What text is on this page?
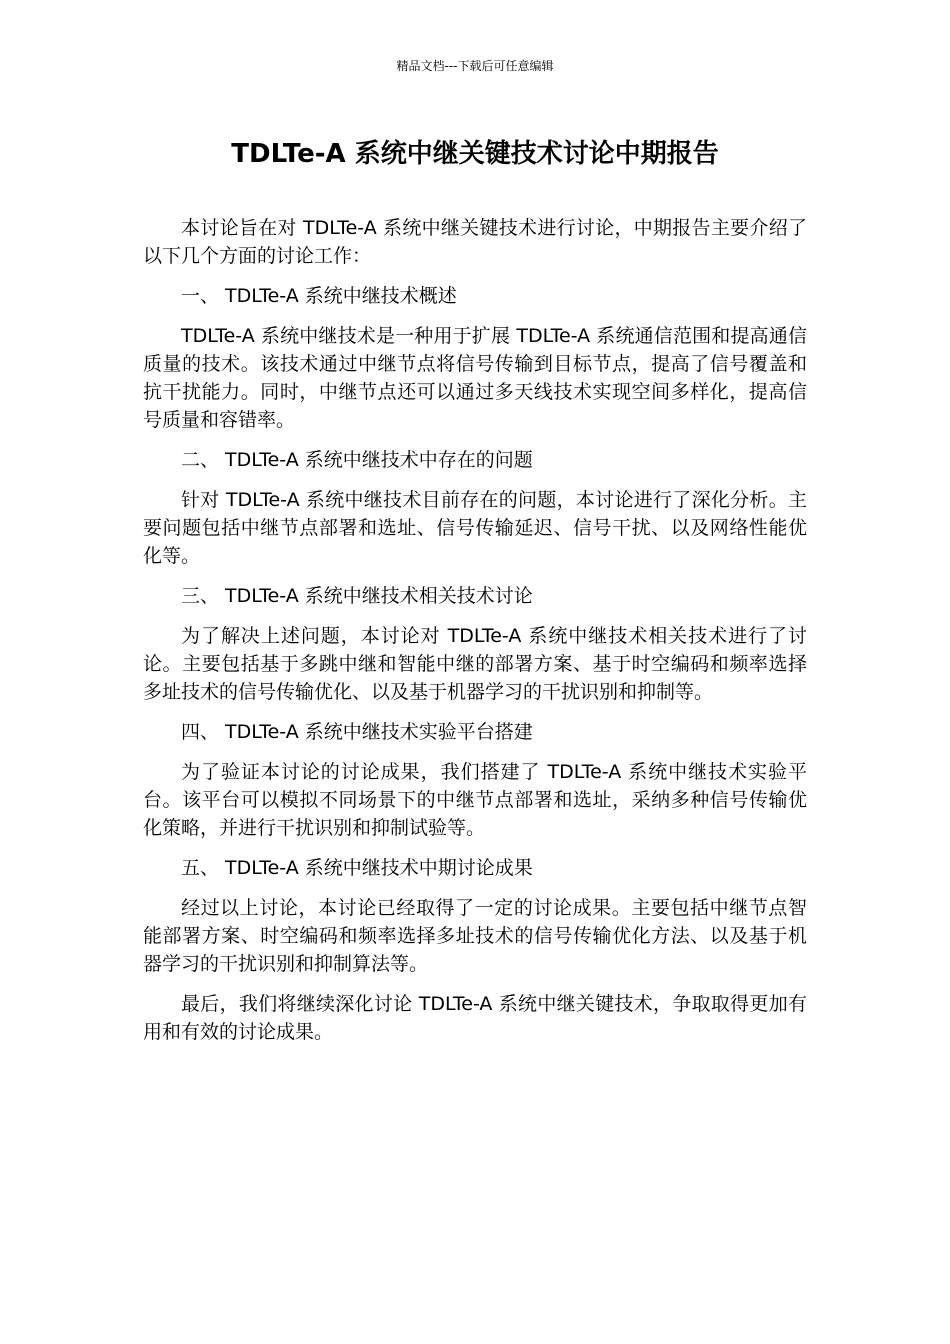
精品文档---下载后可任意编辑
TDLTe-A 系统中继关键技术讨论中期报告

本讨论旨在对 TDLTe-A 系统中继关键技术进行讨论，中期报告主要介绍了以下几个方面的讨论工作：

一、 TDLTe-A 系统中继技术概述

TDLTe-A 系统中继技术是一种用于扩展 TDLTe-A 系统通信范围和提高通信质量的技术。该技术通过中继节点将信号传输到目标节点，提高了信号覆盖和抗干扰能力。同时，中继节点还可以通过多天线技术实现空间多样化，提高信号质量和容错率。

二、 TDLTe-A 系统中继技术中存在的问题

针对 TDLTe-A 系统中继技术目前存在的问题，本讨论进行了深化分析。主要问题包括中继节点部署和选址、信号传输延迟、信号干扰、以及网络性能优化等。

三、 TDLTe-A 系统中继技术相关技术讨论

为了解决上述问题，本讨论对 TDLTe-A 系统中继技术相关技术进行了讨论。主要包括基于多跳中继和智能中继的部署方案、基于时空编码和频率选择多址技术的信号传输优化、以及基于机器学习的干扰识别和抑制等。

四、 TDLTe-A 系统中继技术实验平台搭建

为了验证本讨论的讨论成果，我们搭建了 TDLTe-A 系统中继技术实验平台。该平台可以模拟不同场景下的中继节点部署和选址，采纳多种信号传输优化策略，并进行干扰识别和抑制试验等。

五、 TDLTe-A 系统中继技术中期讨论成果

经过以上讨论，本讨论已经取得了一定的讨论成果。主要包括中继节点智能部署方案、时空编码和频率选择多址技术的信号传输优化方法、以及基于机器学习的干扰识别和抑制算法等。

最后，我们将继续深化讨论 TDLTe-A 系统中继关键技术，争取取得更加有用和有效的讨论成果。
